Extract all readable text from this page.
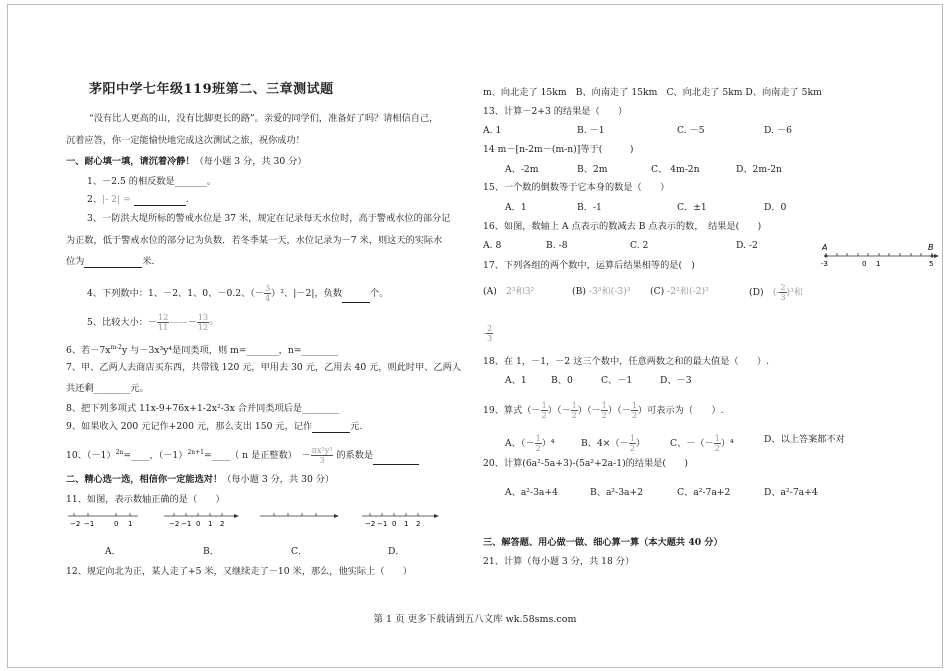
茅阳中学七年级119班第二、三章测试题
“没有比人更高的山，没有比脚更长的路”。亲爱的同学们，准备好了吗？请相信自己，
沉着应答，你一定能愉快地完成这次测试之旅，祝你成功！
一、耐心填一填，请沉着冷静！（每小题 3 分，共 30 分）
1、－2.5 的相反数是_______。
2、|- 2| =	.
3、一防洪大堤所标的警戒水位是 37 米，规定在记录每天水位时，高于警戒水位的部分记
为正数，低于警戒水位的部分记为负数．若冬季某一天，水位记录为－7 米，则这天的实际水
位为	米.
4、下列数中：1、－2、1、0、－0.2、（－ $\frac{3}{4} )^2$、|－2|，负数	个。
5、比较大小：－ $\frac{12}{11}$ ——－ $\frac{13}{12}$ o
6、若$-7x^{m-2}y$ 与－3x³y⁴是同类项，则 m=_______，n=________
7、甲、乙两人去商店买东西，共带钱 120 元，甲用去 30 元，乙用去 40 元，则此时甲、乙两人
共还剩________元。
8、把下列多项式 11x-9+76x+1-2x²-3x 合并同类项后是________
9、如果收入 200 元记作+200 元，那么支出 150 元，记作	元.
10、$(-1)^{2n}=\_\_\_\_$，$(-1)^{2n+1}=\_\_\_\_$（ n 是正整数）　 － $\frac{\text{πx²y³}}{3}$ 的系数是
二、精心选一选，相信你一定能选对！（每小题 3 分，共 30 分）
11、如图，表示数轴正确的是（　　）
−2 −1	0 1	−2 −1 0 1 2	−2 −1 0 1 2
A．	B．	C．	D．
12、规定向北为正，某人走了+5 米，又继续走了－10 米，那么，他实际上（　　）
m、向北走了 15km　B、向南走了 15km　C、向北走了 5km D、向南走了 5km
13、计算－2+3 的结果是（　　）
A. 1	B. －1	C. －5	D. －6
14 m－[n-2m－(m-n)]等于(　　　)
A、-2m	B、2m	C、 4m-2n	D、2m-2n
15、一个数的倒数等于它本身的数是（　　）
A．1	B．-1	C．±1	D．0
16、如图，数轴上 A 点表示的数减去 B 点表示的数，　结果是(　　)
A. 8	B. -8	C. 2	D. -2	A	B
-3	0 1	5
17、下列各组的两个数中，运算后结果相等的是(　)
(A)　 2³和3²	(B) -3³和(-3)³ (C) -2²和(-2)²	(D)　 (- $\frac{2}{3} )^3$和
- $\frac{2}{3}$
18、在 1，－1，－2 这三个数中，任意两数之和的最大值是（　　）.
A、1	B、0	C、－1	D、－3
19、算式（－ $\frac{1}{2}$ ）（－ $\frac{1}{2}$ ）（－ $\frac{1}{2}$ ）（－ $\frac{1}{2}$ ）可表示为（　　）.
A、（－ $\frac{1}{2} )^4$	B、$4\times(- \frac{1}{2}$ ）	C、－（－ $\frac{1}{2} )^4$	D、以上答案都不对
20、计算(6a²-5a+3)-(5a²+2a-1)的结果是(　　)
A、a²-3a+4	B、a²-3a+2	C、a²-7a+2	D、a²-7a+4
三、解答题、用心做一做、细心算一算（本大题共 40 分）
21、计算（每小题 3 分，共 18 分）
第 1 页 更多下载请到五八文库 wk.58sms.com
